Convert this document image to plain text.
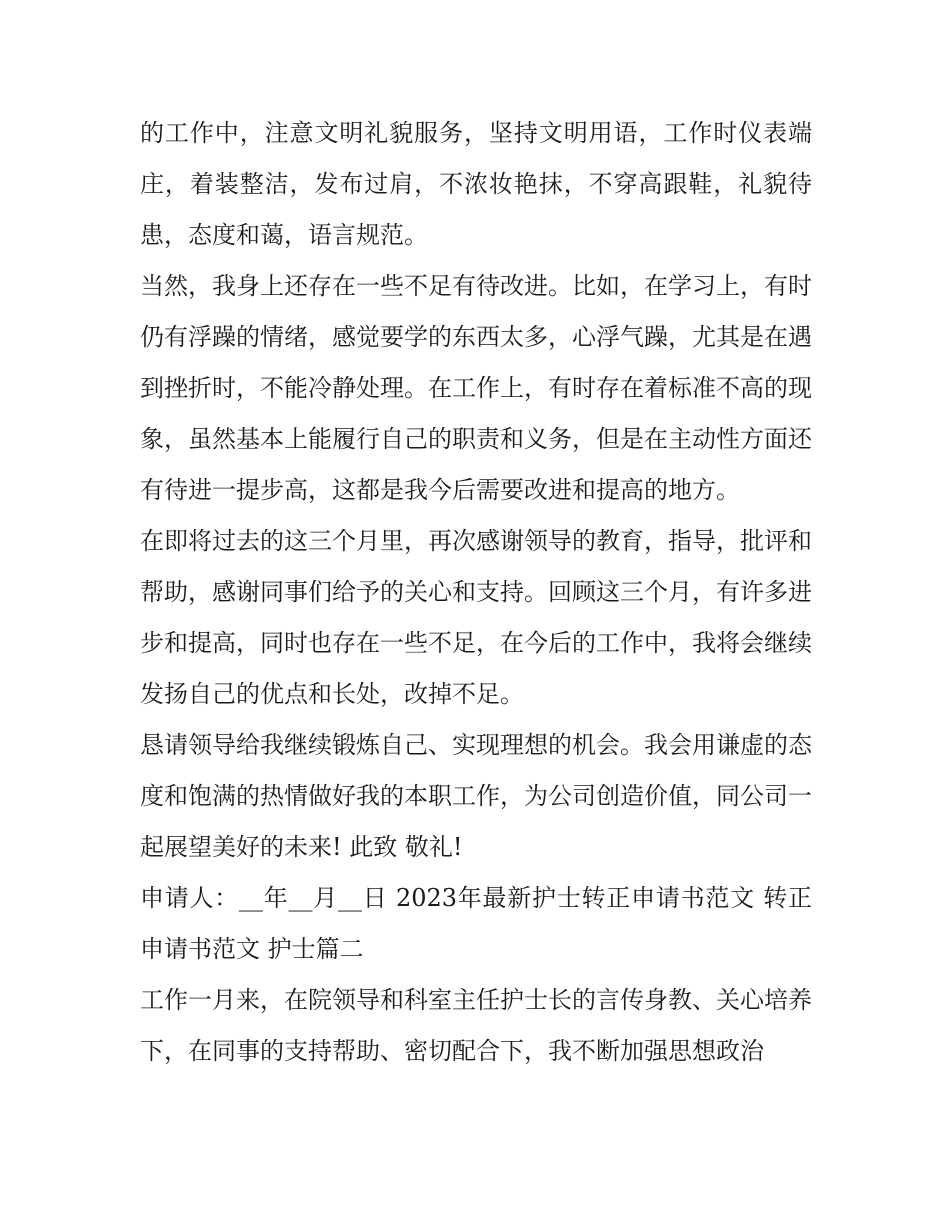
的工作中，注意文明礼貌服务，坚持文明用语，工作时仪表端庄，着装整洁，发布过肩，不浓妆艳抹，不穿高跟鞋，礼貌待患，态度和蔼，语言规范。

当然，我身上还存在一些不足有待改进。比如，在学习上，有时仍有浮躁的情绪，感觉要学的东西太多，心浮气躁，尤其是在遇到挫折时，不能冷静处理。在工作上，有时存在着标准不高的现象，虽然基本上能履行自己的职责和义务，但是在主动性方面还有待进一提步高，这都是我今后需要改进和提高的地方。

在即将过去的这三个月里，再次感谢领导的教育，指导，批评和帮助，感谢同事们给予的关心和支持。回顾这三个月，有许多进步和提高，同时也存在一些不足，在今后的工作中，我将会继续发扬自己的优点和长处，改掉不足。

恳请领导给我继续锻炼自己、实现理想的机会。我会用谦虚的态度和饱满的热情做好我的本职工作，为公司创造价值，同公司一起展望美好的未来! 此致 敬礼!

申请人：__年__月__日 2023年最新护士转正申请书范文 转正申请书范文 护士篇二

工作一月来，在院领导和科室主任护士长的言传身教、关心培养下，在同事的支持帮助、密切配合下，我不断加强思想政治
